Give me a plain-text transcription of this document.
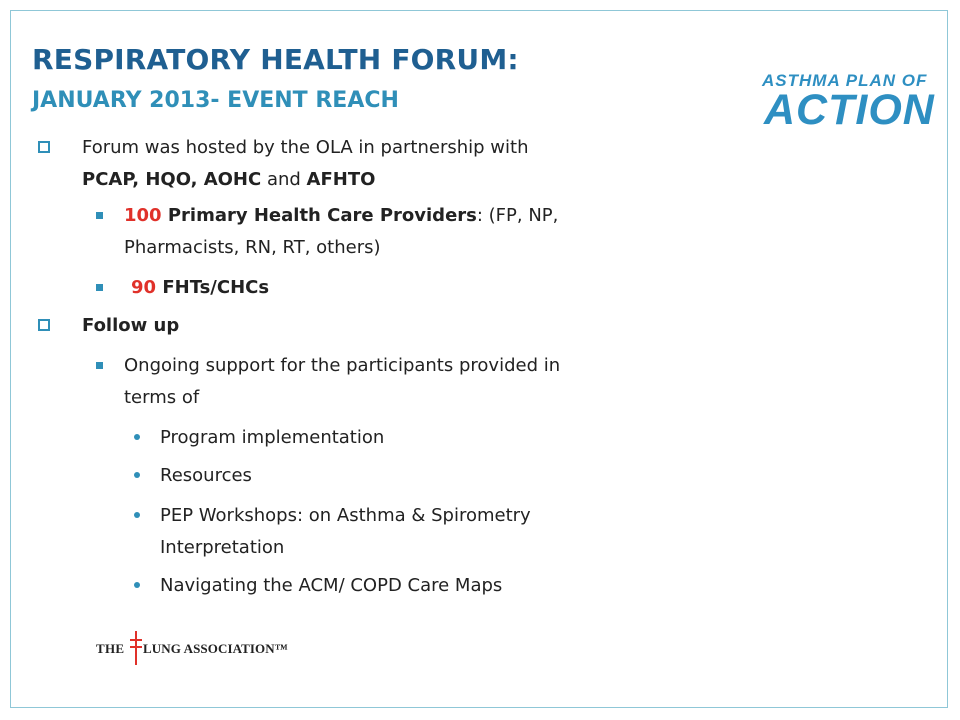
RESPIRATORY HEALTH FORUM:
JANUARY 2013- EVENT REACH
ASTHMA PLAN OF
ACTION
Forum was hosted by the OLA in partnership with
PCAP, HQO, AOHC and AFHTO
100 Primary Health Care Providers: (FP, NP,
Pharmacists, RN, RT, others)
90 FHTs/CHCs
Follow up
Ongoing support for the participants provided in
terms of
Program implementation
Resources
PEP Workshops: on Asthma & Spirometry
Interpretation
Navigating the ACM/ COPD Care Maps
THE LUNG ASSOCIATION™
